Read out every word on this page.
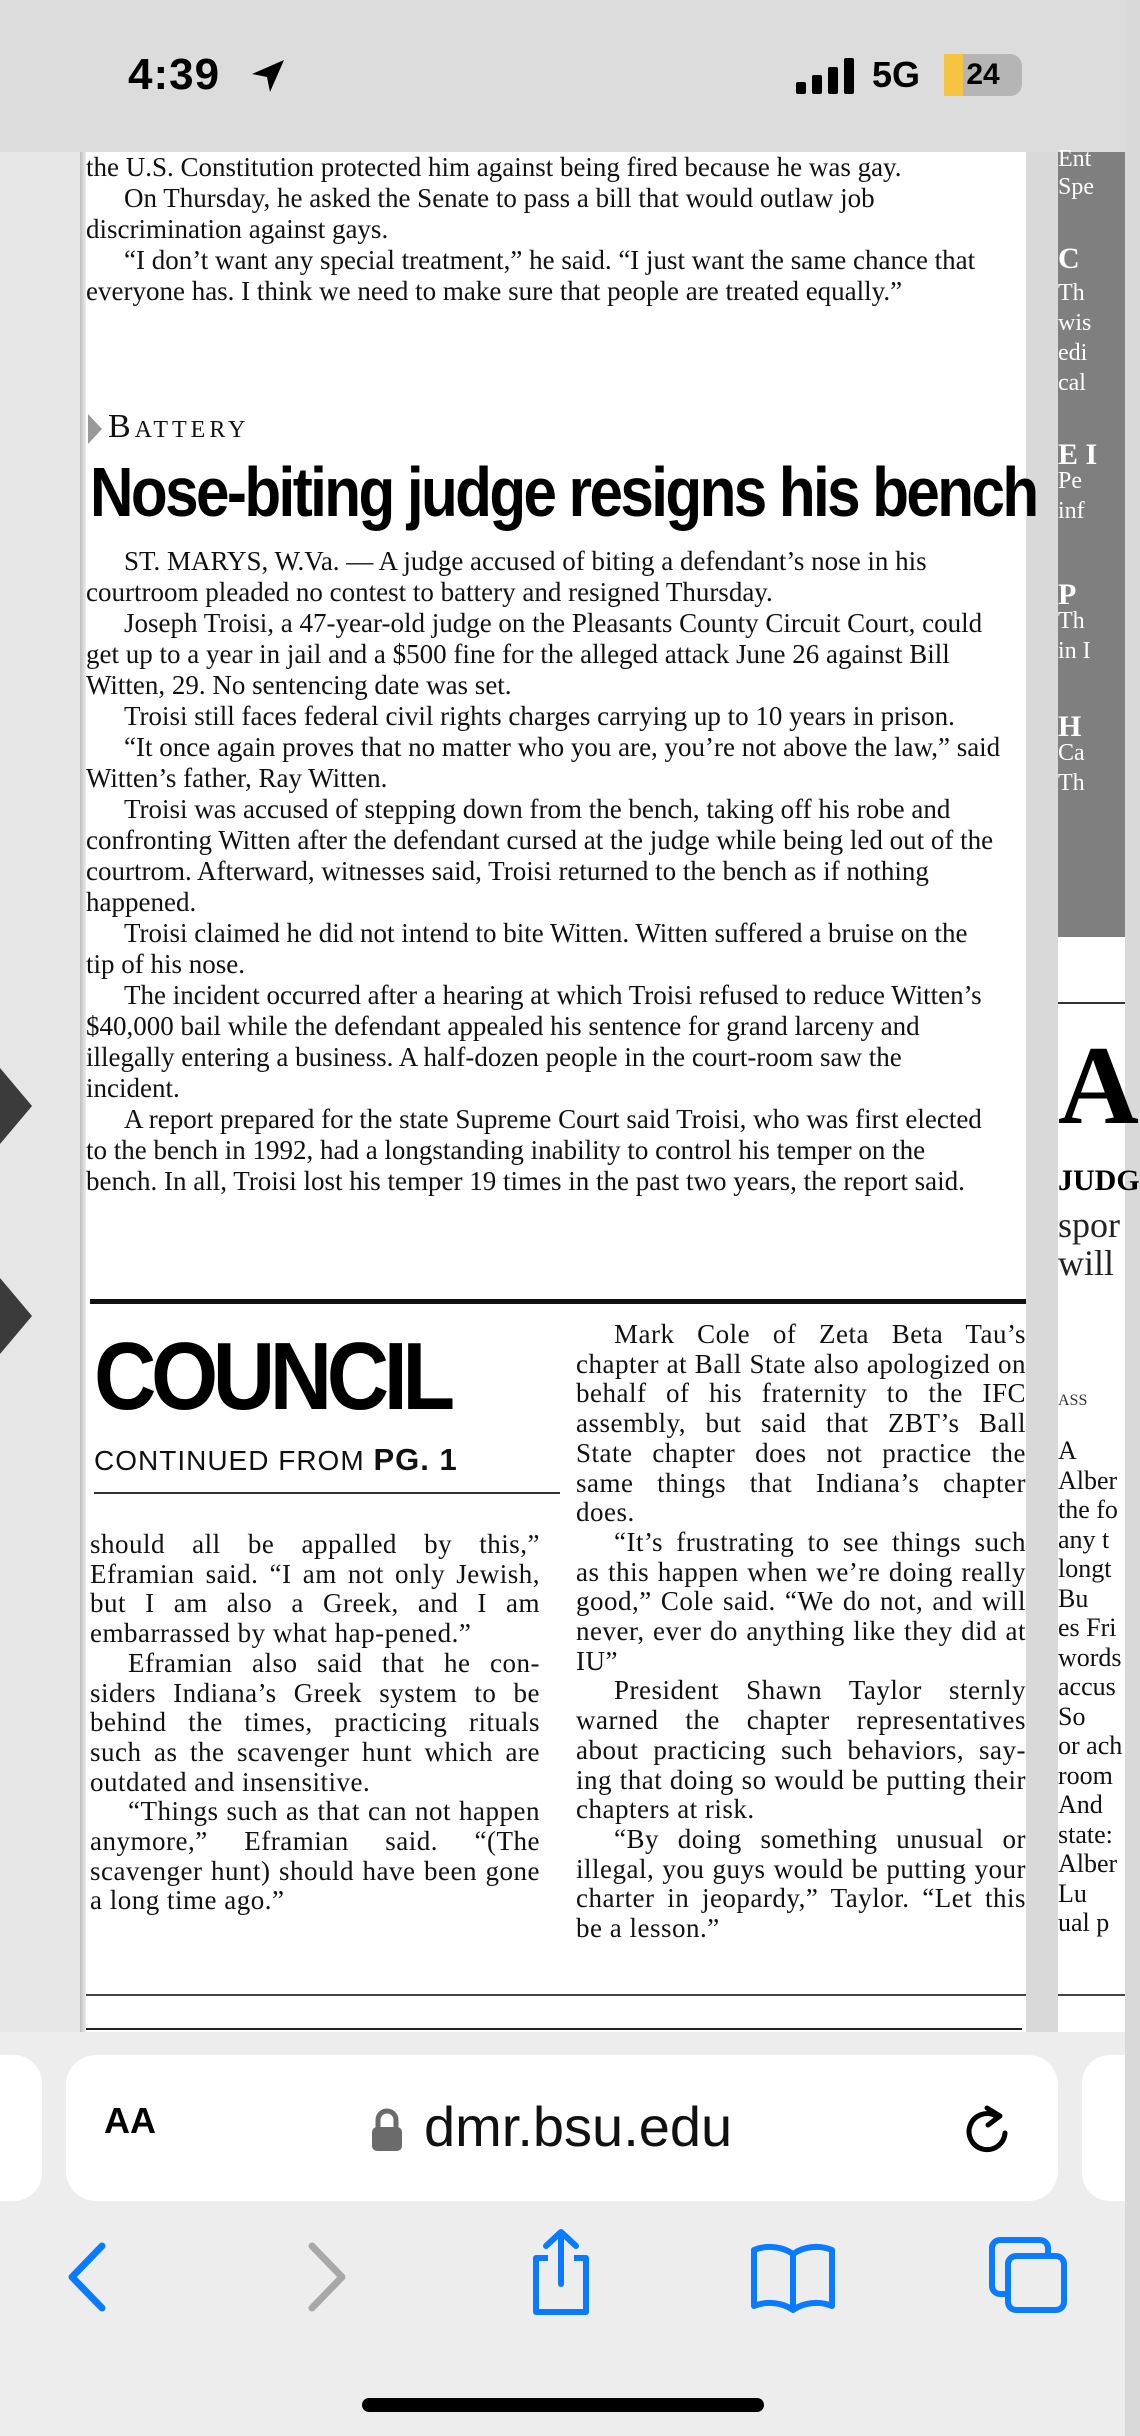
4:39	5G	24

the U.S. Constitution protected him against being fired because he was gay.

On Thursday, he asked the Senate to pass a bill that would outlaw job discrimination against gays.

“I don’t want any special treatment,” he said. “I just want the same chance that everyone has. I think we need to make sure that people are treated equally.”

Battery
Nose-biting judge resigns his bench

ST. MARYS, W.Va. — A judge accused of biting a defendant’s nose in his courtroom pleaded no contest to battery and resigned Thursday.

Joseph Troisi, a 47-year-old judge on the Pleasants County Circuit Court, could get up to a year in jail and a $500 fine for the alleged attack June 26 against Bill Witten, 29. No sentencing date was set.

Troisi still faces federal civil rights charges carrying up to 10 years in prison.

“It once again proves that no matter who you are, you’re not above the law,” said Witten’s father, Ray Witten.

Troisi was accused of stepping down from the bench, taking off his robe and confronting Witten after the defendant cursed at the judge while being led out of the courtrom. Afterward, witnesses said, Troisi returned to the bench as if nothing happened.

Troisi claimed he did not intend to bite Witten. Witten suffered a bruise on the tip of his nose.

The incident occurred after a hearing at which Troisi refused to reduce Witten’s $40,000 bail while the defendant appealed his sentence for grand larceny and illegally entering a business. A half-dozen people in the court-room saw the incident.

A report prepared for the state Supreme Court said Troisi, who was first elected to the bench in 1992, had a longstanding inability to control his temper on the bench. In all, Troisi lost his temper 19 times in the past two years, the report said.

COUNCIL
CONTINUED FROM PG. 1

should all be appalled by this,” Eframian said. “I am not only Jewish, but I am also a Greek, and I am embarrassed by what hap-pened.”

Eframian also said that he con-siders Indiana’s Greek system to be behind the times, practicing rituals such as the scavenger hunt which are outdated and insensitive.

“Things such as that can not happen anymore,” Eframian said. “(The scavenger hunt) should have been gone a long time ago.”

Mark Cole of Zeta Beta Tau’s chapter at Ball State also apologized on behalf of his fraternity to the IFC assembly, but said that ZBT’s Ball State chapter does not practice the same things that Indiana’s chapter does.

“It’s frustrating to see things such as this happen when we’re doing really good,” Cole said. “We do not, and will never, ever do anything like they did at IU”

President Shawn Taylor sternly warned the chapter representatives about practicing such behaviors, say-ing that doing so would be putting their chapters at risk.

“By doing something unusual or illegal, you guys would be putting your charter in jeopardy,” Taylor. “Let this be a lesson.”

Ent
Spe
C
Th
wis
edi
cal
E I
Pe
inf
P
Th
in I
H
Ca
Th
A
JUDG
spor
will
ASS
A
Alber
the fo
any t
longt
Bu
es Fri
words
accus
So
or ach
room
And
state:
Alber
Lu
ual p
AA	dmr.bsu.edu
